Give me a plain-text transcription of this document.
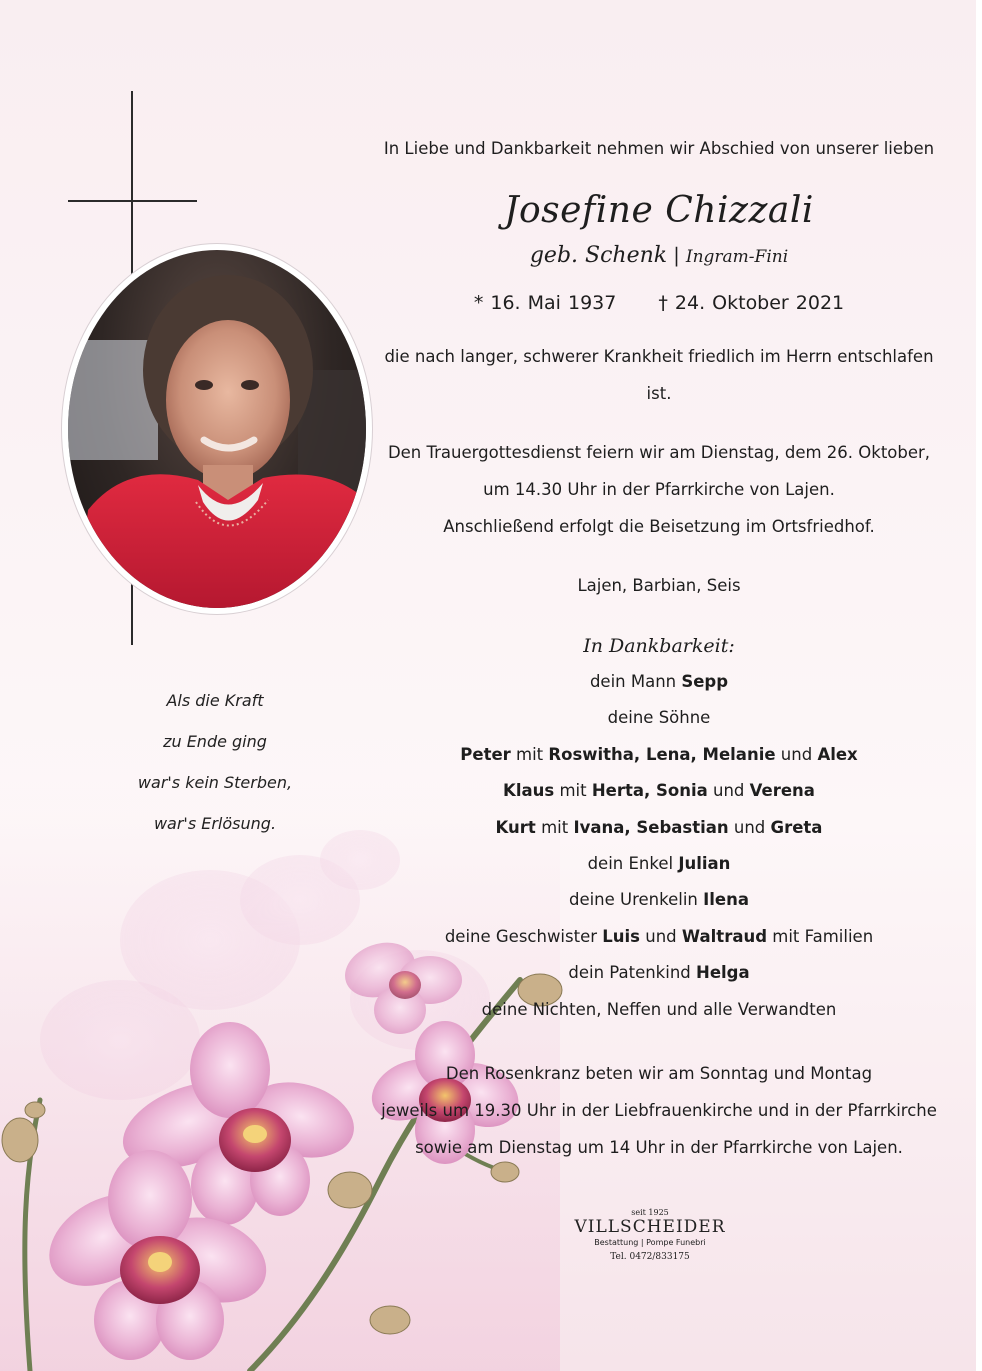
Als die Kraft
zu Ende ging
war's kein Sterben,
war's Erlösung.

In Liebe und Dankbarkeit nehmen wir Abschied von unserer lieben

Josefine Chizzali

geb. Schenk | Ingram-Fini

* 16. Mai 1937 † 24. Oktober 2021

die nach langer, schwerer Krankheit friedlich im Herrn entschlafen ist.

Den Trauergottesdienst feiern wir am Dienstag, dem 26. Oktober,

um 14.30 Uhr in der Pfarrkirche von Lajen.

Anschließend erfolgt die Beisetzung im Ortsfriedhof.

Lajen, Barbian, Seis

In Dankbarkeit:

dein Mann Sepp

deine Söhne

Peter mit Roswitha, Lena, Melanie und Alex

Klaus mit Herta, Sonia und Verena

Kurt mit Ivana, Sebastian und Greta

dein Enkel Julian

deine Urenkelin Ilena

deine Geschwister Luis und Waltraud mit Familien

dein Patenkind Helga

deine Nichten, Neffen und alle Verwandten

Den Rosenkranz beten wir am Sonntag und Montag

jeweils um 19.30 Uhr in der Liebfrauenkirche und in der Pfarrkirche

sowie am Dienstag um 14 Uhr in der Pfarrkirche von Lajen.

seit 1925
VILLSCHEIDER
Bestattung | Pompe Funebri
Tel. 0472/833175
